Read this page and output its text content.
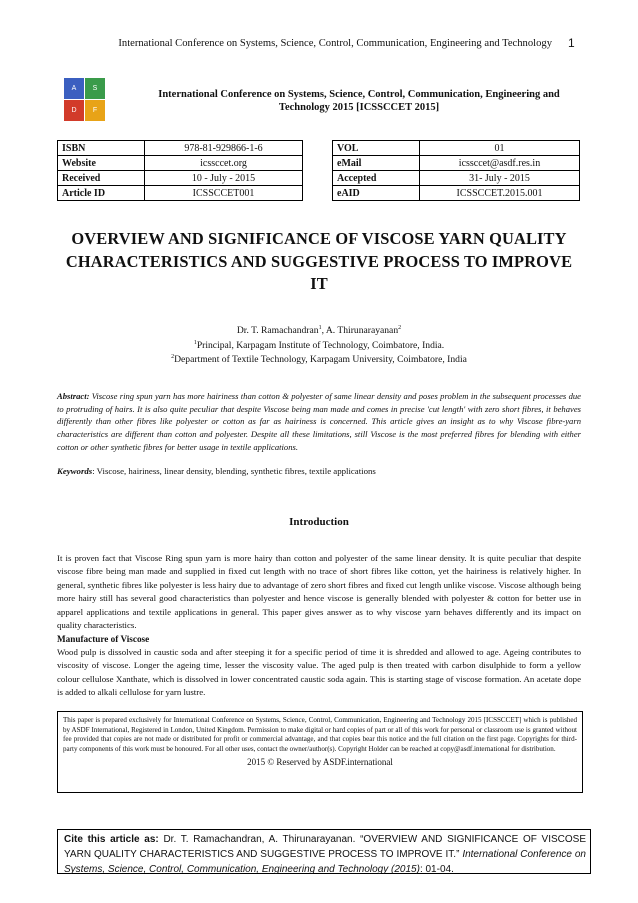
International Conference on Systems, Science, Control, Communication, Engineering and Technology 1
A	S
D	F
International Conference on Systems, Science, Control, Communication, Engineering and Technology 2015 [ICSSCCET 2015]
ISBN	978-81-929866-1-6
Website	icssccet.org
Received	10 - July - 2015
Article ID	ICSSCCET001
VOL	01
eMail	icssccet@asdf.res.in
Accepted	31- July - 2015
eAID	ICSSCCET.2015.001
OVERVIEW AND SIGNIFICANCE OF VISCOSE YARN QUALITY CHARACTERISTICS AND SUGGESTIVE PROCESS TO IMPROVE IT
Dr. T. Ramachandran$^1$, A. Thirunarayanan$^2$
$^1$Principal, Karpagam Institute of Technology, Coimbatore, India.
$^2$Department of Textile Technology, Karpagam University, Coimbatore, India
Abstract: Viscose ring spun yarn has more hairiness than cotton & polyester of same linear density and poses problem in the subsequent processes due to protruding of hairs. It is also quite peculiar that despite Viscose being man made and comes in precise 'cut length' with zero short fibres, it behaves differently than other fibres like polyester or cotton as far as hairiness is concerned. This article gives an insight as to why Viscose fibre-yarn characteristics are different than cotton and polyester. Despite all these limitations, still Viscose is the most preferred fibres for blending with either cotton or other synthetic fibres for better usage in textile applications.
Keywords: Viscose, hairiness, linear density, blending, synthetic fibres, textile applications
Introduction
It is proven fact that Viscose Ring spun yarn is more hairy than cotton and polyester of the same linear density. It is quite peculiar that despite viscose fibre being man made and supplied in fixed cut length with no trace of short fibres like cotton, yet the hairiness is relatively higher. In general, synthetic fibres like polyester is less hairy due to advantage of zero short fibres and fixed cut length unlike viscose. Viscose although being more hairy still has several good characteristics than polyester and hence viscose is generally blended with polyester & cotton for better use in apparel applications and textile applications in general. This paper gives answer as to why viscose yarn behaves differently and its impact on quality characteristics.
Manufacture of Viscose
Wood pulp is dissolved in caustic soda and after steeping it for a specific period of time it is shredded and allowed to age. Ageing contributes to viscosity of viscose. Longer the ageing time, lesser the viscosity value. The aged pulp is then treated with carbon disulphide to form a yellow colour cellulose Xanthate, which is dissolved in lower concentrated caustic soda again. This is starting stage of viscose formation. An acetate dope is added to alkali cellulose for yarn lustre.
This paper is prepared exclusively for International Conference on Systems, Science, Control, Communication, Engineering and Technology 2015 [ICSSCCET] which is published by ASDF International, Registered in London, United Kingdom. Permission to make digital or hard copies of part or all of this work for personal or classroom use is granted without fee provided that copies are not made or distributed for profit or commercial advantage, and that copies bear this notice and the full citation on the first page. Copyrights for third-party components of this work must be honoured. For all other uses, contact the owner/author(s). Copyright Holder can be reached at copy@asdf.international for distribution.
2015 © Reserved by ASDF.international
Cite this article as: Dr. T. Ramachandran, A. Thirunarayanan. “OVERVIEW AND SIGNIFICANCE OF VISCOSE YARN QUALITY CHARACTERISTICS AND SUGGESTIVE PROCESS TO IMPROVE IT.” International Conference on Systems, Science, Control, Communication, Engineering and Technology (2015): 01-04.
